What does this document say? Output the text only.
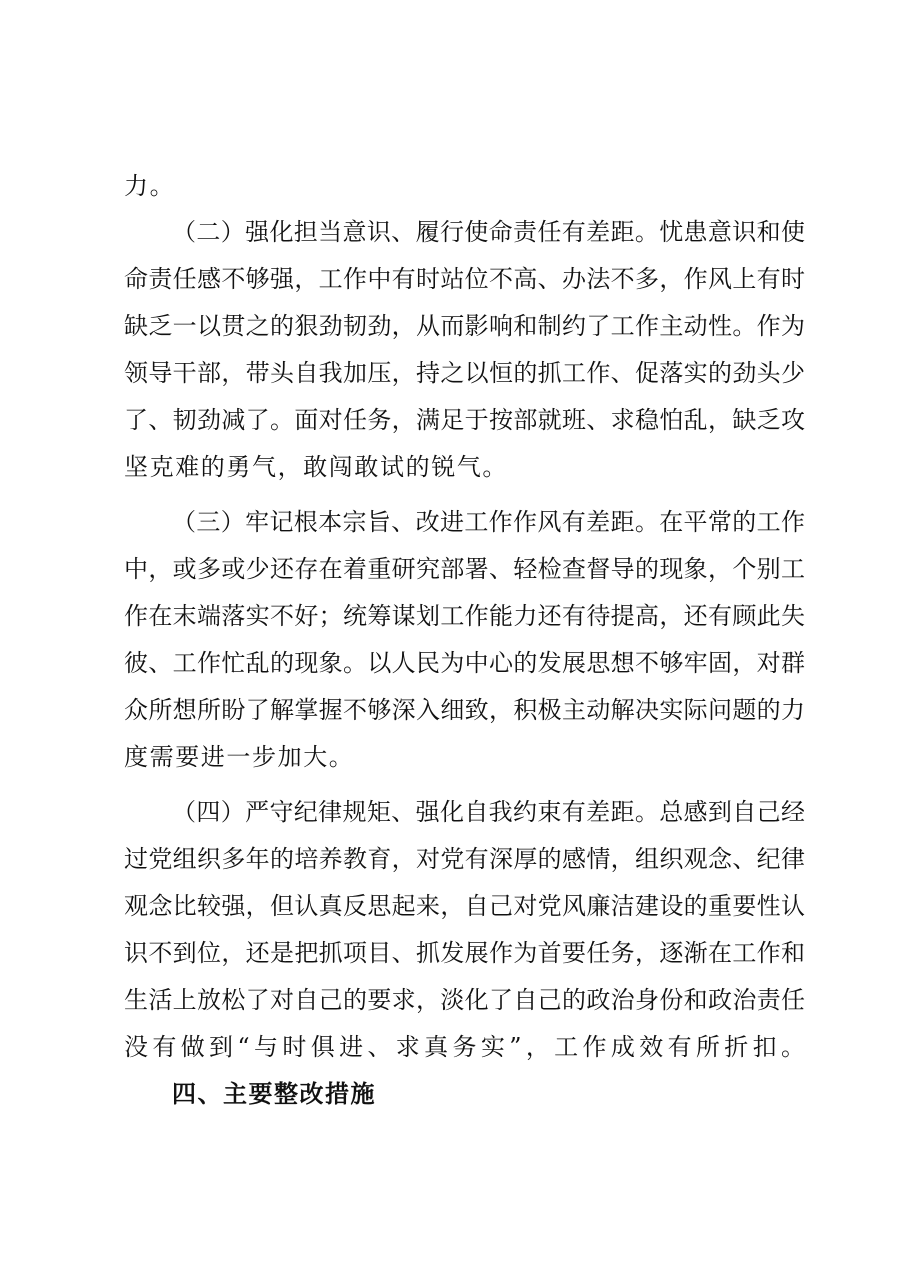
力。
（二）强化担当意识、履行使命责任有差距。忧患意识和使
命责任感不够强，工作中有时站位不高、办法不多，作风上有时
缺乏一以贯之的狠劲韧劲，从而影响和制约了工作主动性。作为
领导干部，带头自我加压，持之以恒的抓工作、促落实的劲头少
了、韧劲减了。面对任务，满足于按部就班、求稳怕乱，缺乏攻
坚克难的勇气，敢闯敢试的锐气。
（三）牢记根本宗旨、改进工作作风有差距。在平常的工作
中，或多或少还存在着重研究部署、轻检查督导的现象，个别工
作在末端落实不好；统筹谋划工作能力还有待提高，还有顾此失
彼、工作忙乱的现象。以人民为中心的发展思想不够牢固，对群
众所想所盼了解掌握不够深入细致，积极主动解决实际问题的力
度需要进一步加大。
（四）严守纪律规矩、强化自我约束有差距。总感到自己经
过党组织多年的培养教育，对党有深厚的感情，组织观念、纪律
观念比较强，但认真反思起来，自己对党风廉洁建设的重要性认
识不到位，还是把抓项目、抓发展作为首要任务，逐渐在工作和
生活上放松了对自己的要求，淡化了自己的政治身份和政治责任
没有做到“与时俱进、求真务实”，工作成效有所折扣。
四、主要整改措施
